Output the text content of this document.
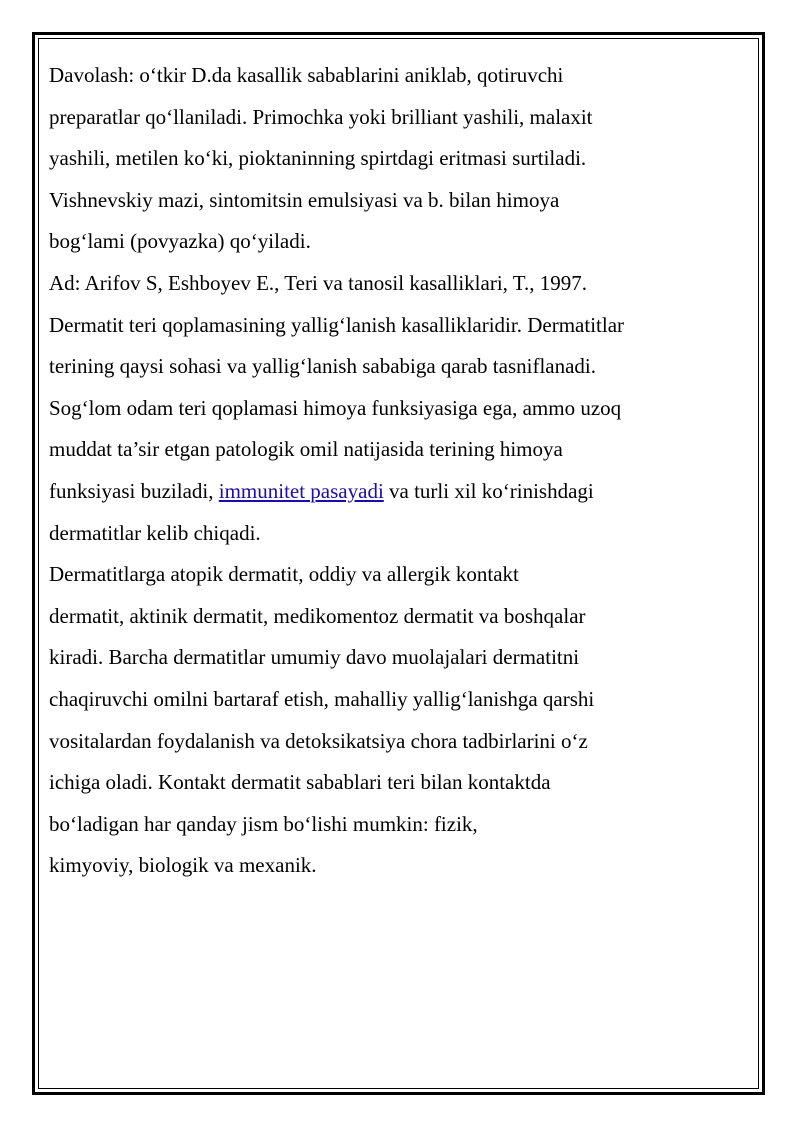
Davolash: o‘tkir D.da kasallik sabablarini aniklab, qotiruvchi
preparatlar qo‘llaniladi. Primochka yoki brilliant yashili, malaxit
yashili, metilen ko‘ki, pioktaninning spirtdagi eritmasi surtiladi.
Vishnevskiy mazi, sintomitsin emulsiyasi va b. bilan himoya
bog‘lami (povyazka) qo‘yiladi.
Ad: Arifov S, Eshboyev E., Teri va tanosil kasalliklari, T., 1997.
Dermatit teri qoplamasining yallig‘lanish kasalliklaridir. Dermatitlar
terining qaysi sohasi va yallig‘lanish sababiga qarab tasniflanadi.
Sog‘lom odam teri qoplamasi himoya funksiyasiga ega, ammo uzoq
muddat ta’sir etgan patologik omil natijasida terining himoya
funksiyasi buziladi, immunitet pasayadi va turli xil ko‘rinishdagi
dermatitlar kelib chiqadi.
Dermatitlarga atopik dermatit, oddiy va allergik kontakt
dermatit, aktinik dermatit, medikomentoz dermatit va boshqalar
kiradi. Barcha dermatitlar umumiy davo muolajalari dermatitni
chaqiruvchi omilni bartaraf etish, mahalliy yallig‘lanishga qarshi
vositalardan foydalanish va detoksikatsiya chora tadbirlarini o‘z
ichiga oladi. Kontakt dermatit sabablari teri bilan kontaktda
bo‘ladigan har qanday jism bo‘lishi mumkin: fizik,
kimyoviy, biologik va mexanik.
